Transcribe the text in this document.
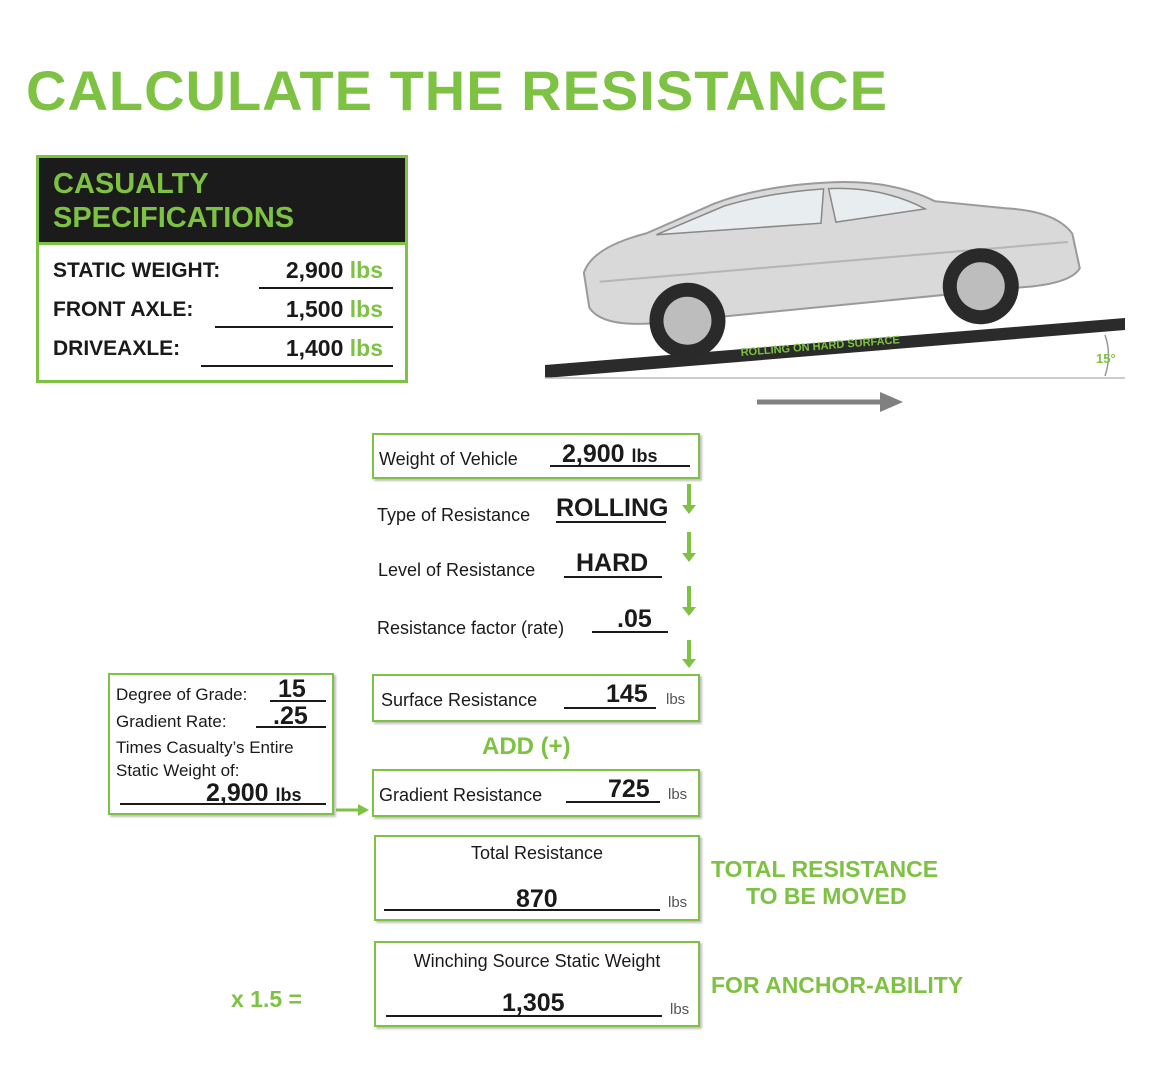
CALCULATE THE RESISTANCE
CASUALTY
SPECIFICATIONS
STATIC WEIGHT:	2,900 lbs
FRONT AXLE:	1,500 lbs
DRIVEAXLE:	1,400 lbs	ROLLING ON HARD SURFACE	15°
Weight of Vehicle 2,900 lbs
Type of Resistance ROLLING
Level of Resistance HARD
Resistance factor (rate) .05
Surface Resistance	145 lbs
ADD (+)
Degree of Grade: 15
Gradient Rate: .25
Times Casualty’s Entire
Static Weight of:
2,900 lbs	Gradient Resistance	725 lbs
Total Resistance
870	lbs
TOTAL RESISTANCE
TO BE MOVED
Winching Source Static Weight
1,305	lbs
x 1.5 =
FOR ANCHOR-ABILITY
